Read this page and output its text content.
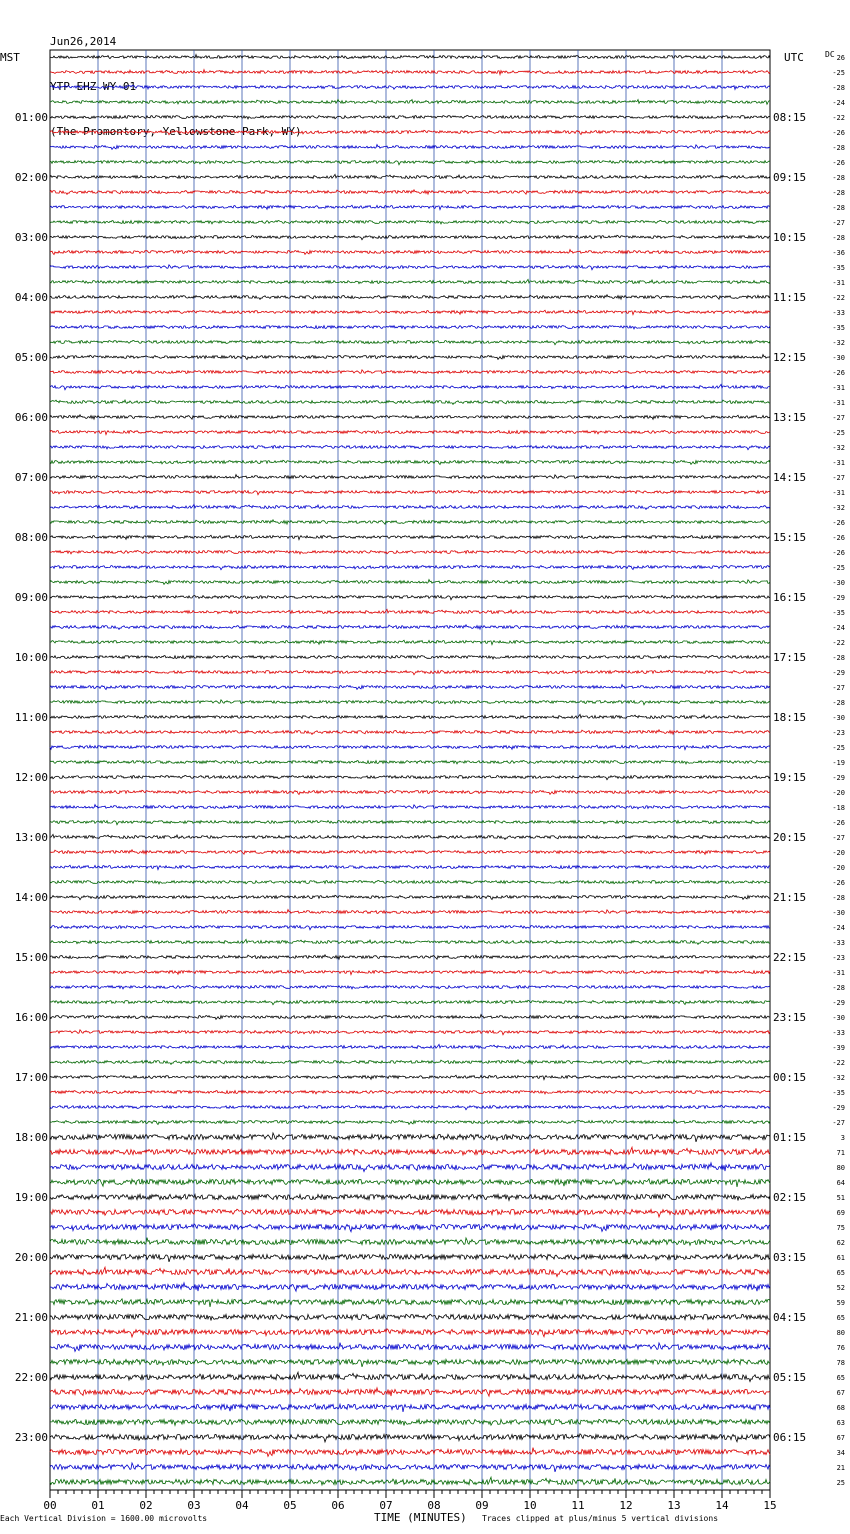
Jun26,2014

YTP EHZ WY 01

(The Promontory, Yellowstone Park, WY)

MST	UTC	DC
01:00
02:00
03:00
04:00
05:00
06:00
07:00
08:00
09:00
10:00
11:00
12:00
13:00
14:00
15:00
16:00
17:00
18:00
19:00
20:00
21:00
22:00
23:00
08:15
09:15
10:15
11:15
12:15
13:15
14:15
15:15
16:15
17:15
18:15
19:15
20:15
21:15
22:15
23:15
00:15
01:15
02:15
03:15
04:15
05:15
06:15
26
-25
-28
-24
-22
-26
-28
-26
-28
-28
-28
-27
-28
-36
-35
-31
-22
-33
-35
-32
-30
-26
-31
-31
-27
-25
-32
-31
-27
-31
-32
-26
-26
-26
-25
-30
-29
-35
-24
-22
-28
-29
-27
-28
-30
-23
-25
-19
-29
-20
-18
-26
-27
-20
-20
-26
-28
-30
-24
-33
-23
-31
-28
-29
-30
-33
-39
-22
-32
-35
-29
-27
3
71
80
64
51
69
75
62
61
65
52
59
65
80
76
78
65
67
68
63
67
34
21
25
00	01	02	03	04	05	06	07	08	09	10	11	12	13	14	15
Each Vertical Division = 1600.00 microvolts	TIME (MINUTES) Traces clipped at plus/minus 5 vertical divisions
